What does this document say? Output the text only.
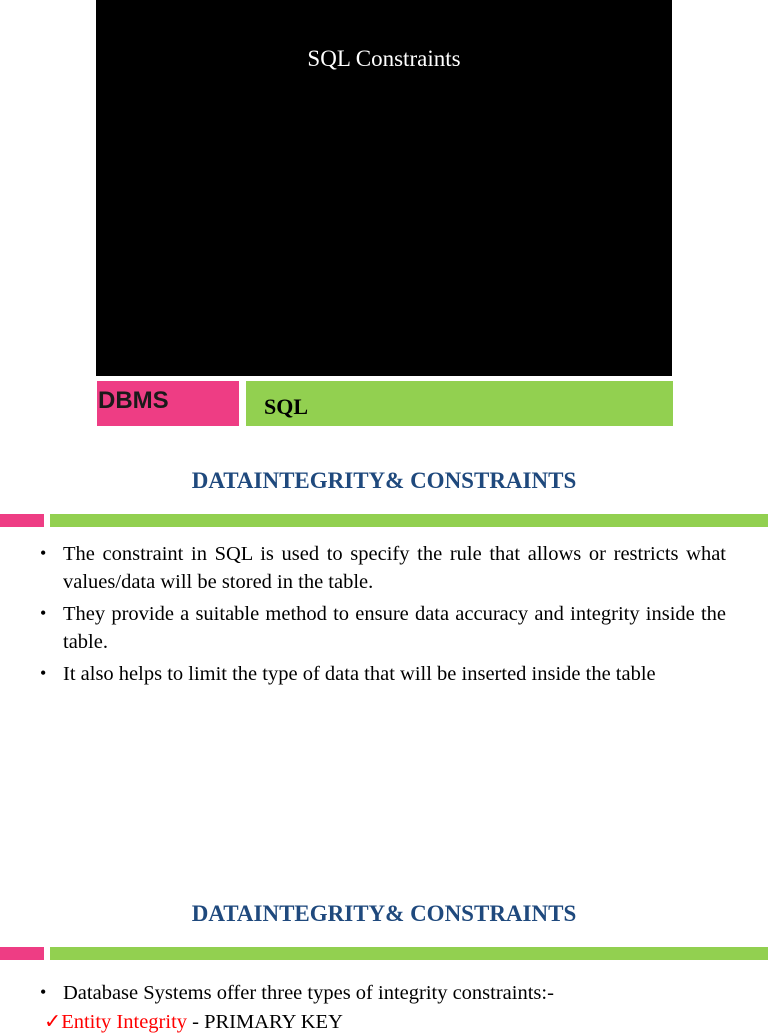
SQL Constraints
DBMS	SQL
DATAINTEGRITY& CONSTRAINTS
• The constraint in SQL is used to specify the rule that allows or restricts what values/data will be stored in the table.
• They provide a suitable method to ensure data accuracy and integrity inside the table.
• It also helps to limit the type of data that will be inserted inside the table
DATAINTEGRITY& CONSTRAINTS
• Database Systems offer three types of integrity constraints:-
✓Entity Integrity - PRIMARY KEY
